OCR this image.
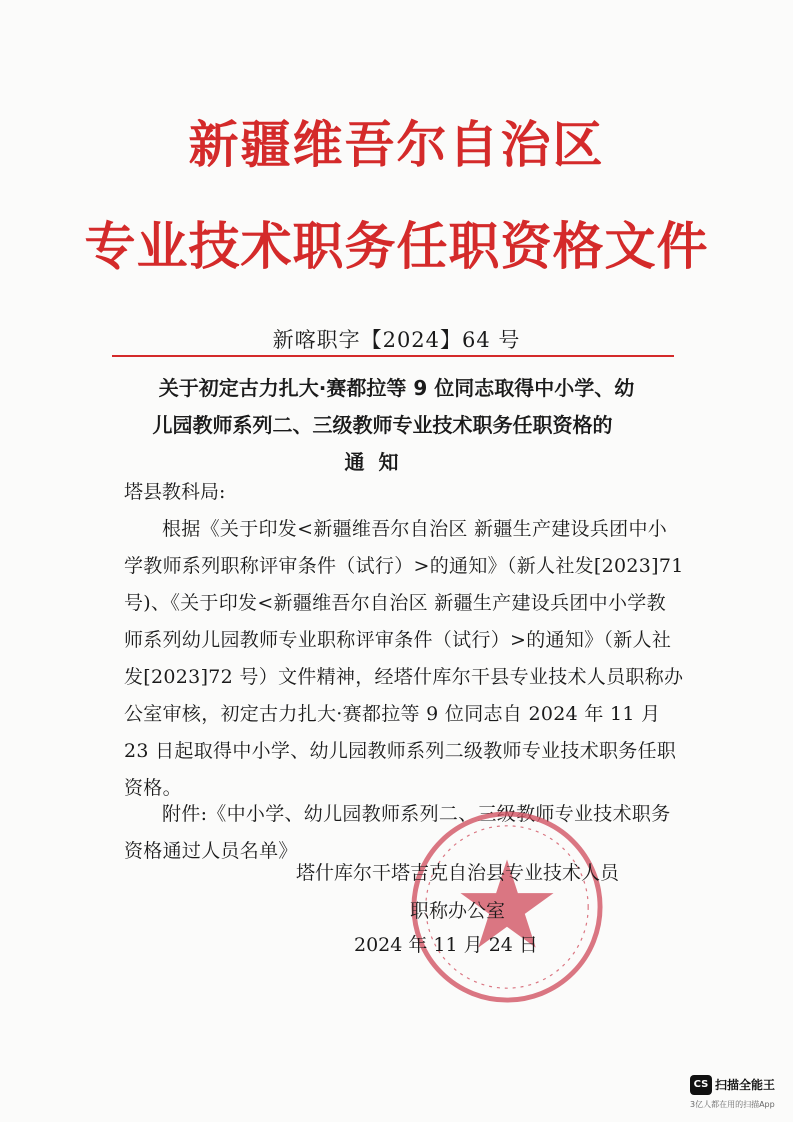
新疆维吾尔自治区
专业技术职务任职资格文件
新喀职字【2024】64 号
关于初定古力扎大·赛都拉等 9 位同志取得中小学、幼
儿园教师系列二、三级教师专业技术职务任职资格的
通知

塔县教科局:

根据《关于印发<新疆维吾尔自治区 新疆生产建设兵团中小学教师系列职称评审条件（试行）>的通知》（新人社发[2023]71 号)、《关于印发<新疆维吾尔自治区 新疆生产建设兵团中小学教师系列幼儿园教师专业职称评审条件（试行）>的通知》（新人社发[2023]72 号）文件精神，经塔什库尔干县专业技术人员职称办公室审核，初定古力扎大·赛都拉等 9 位同志自 2024 年 11 月 23 日起取得中小学、幼儿园教师系列二级教师专业技术职务任职资格。

附件:《中小学、幼儿园教师系列二、三级教师专业技术职务资格通过人员名单》

塔什库尔干塔吉克自治县专业技术人员

职称办公室

2024 年 11 月 24 日

CS 扫描全能王
3亿人都在用的扫描App
